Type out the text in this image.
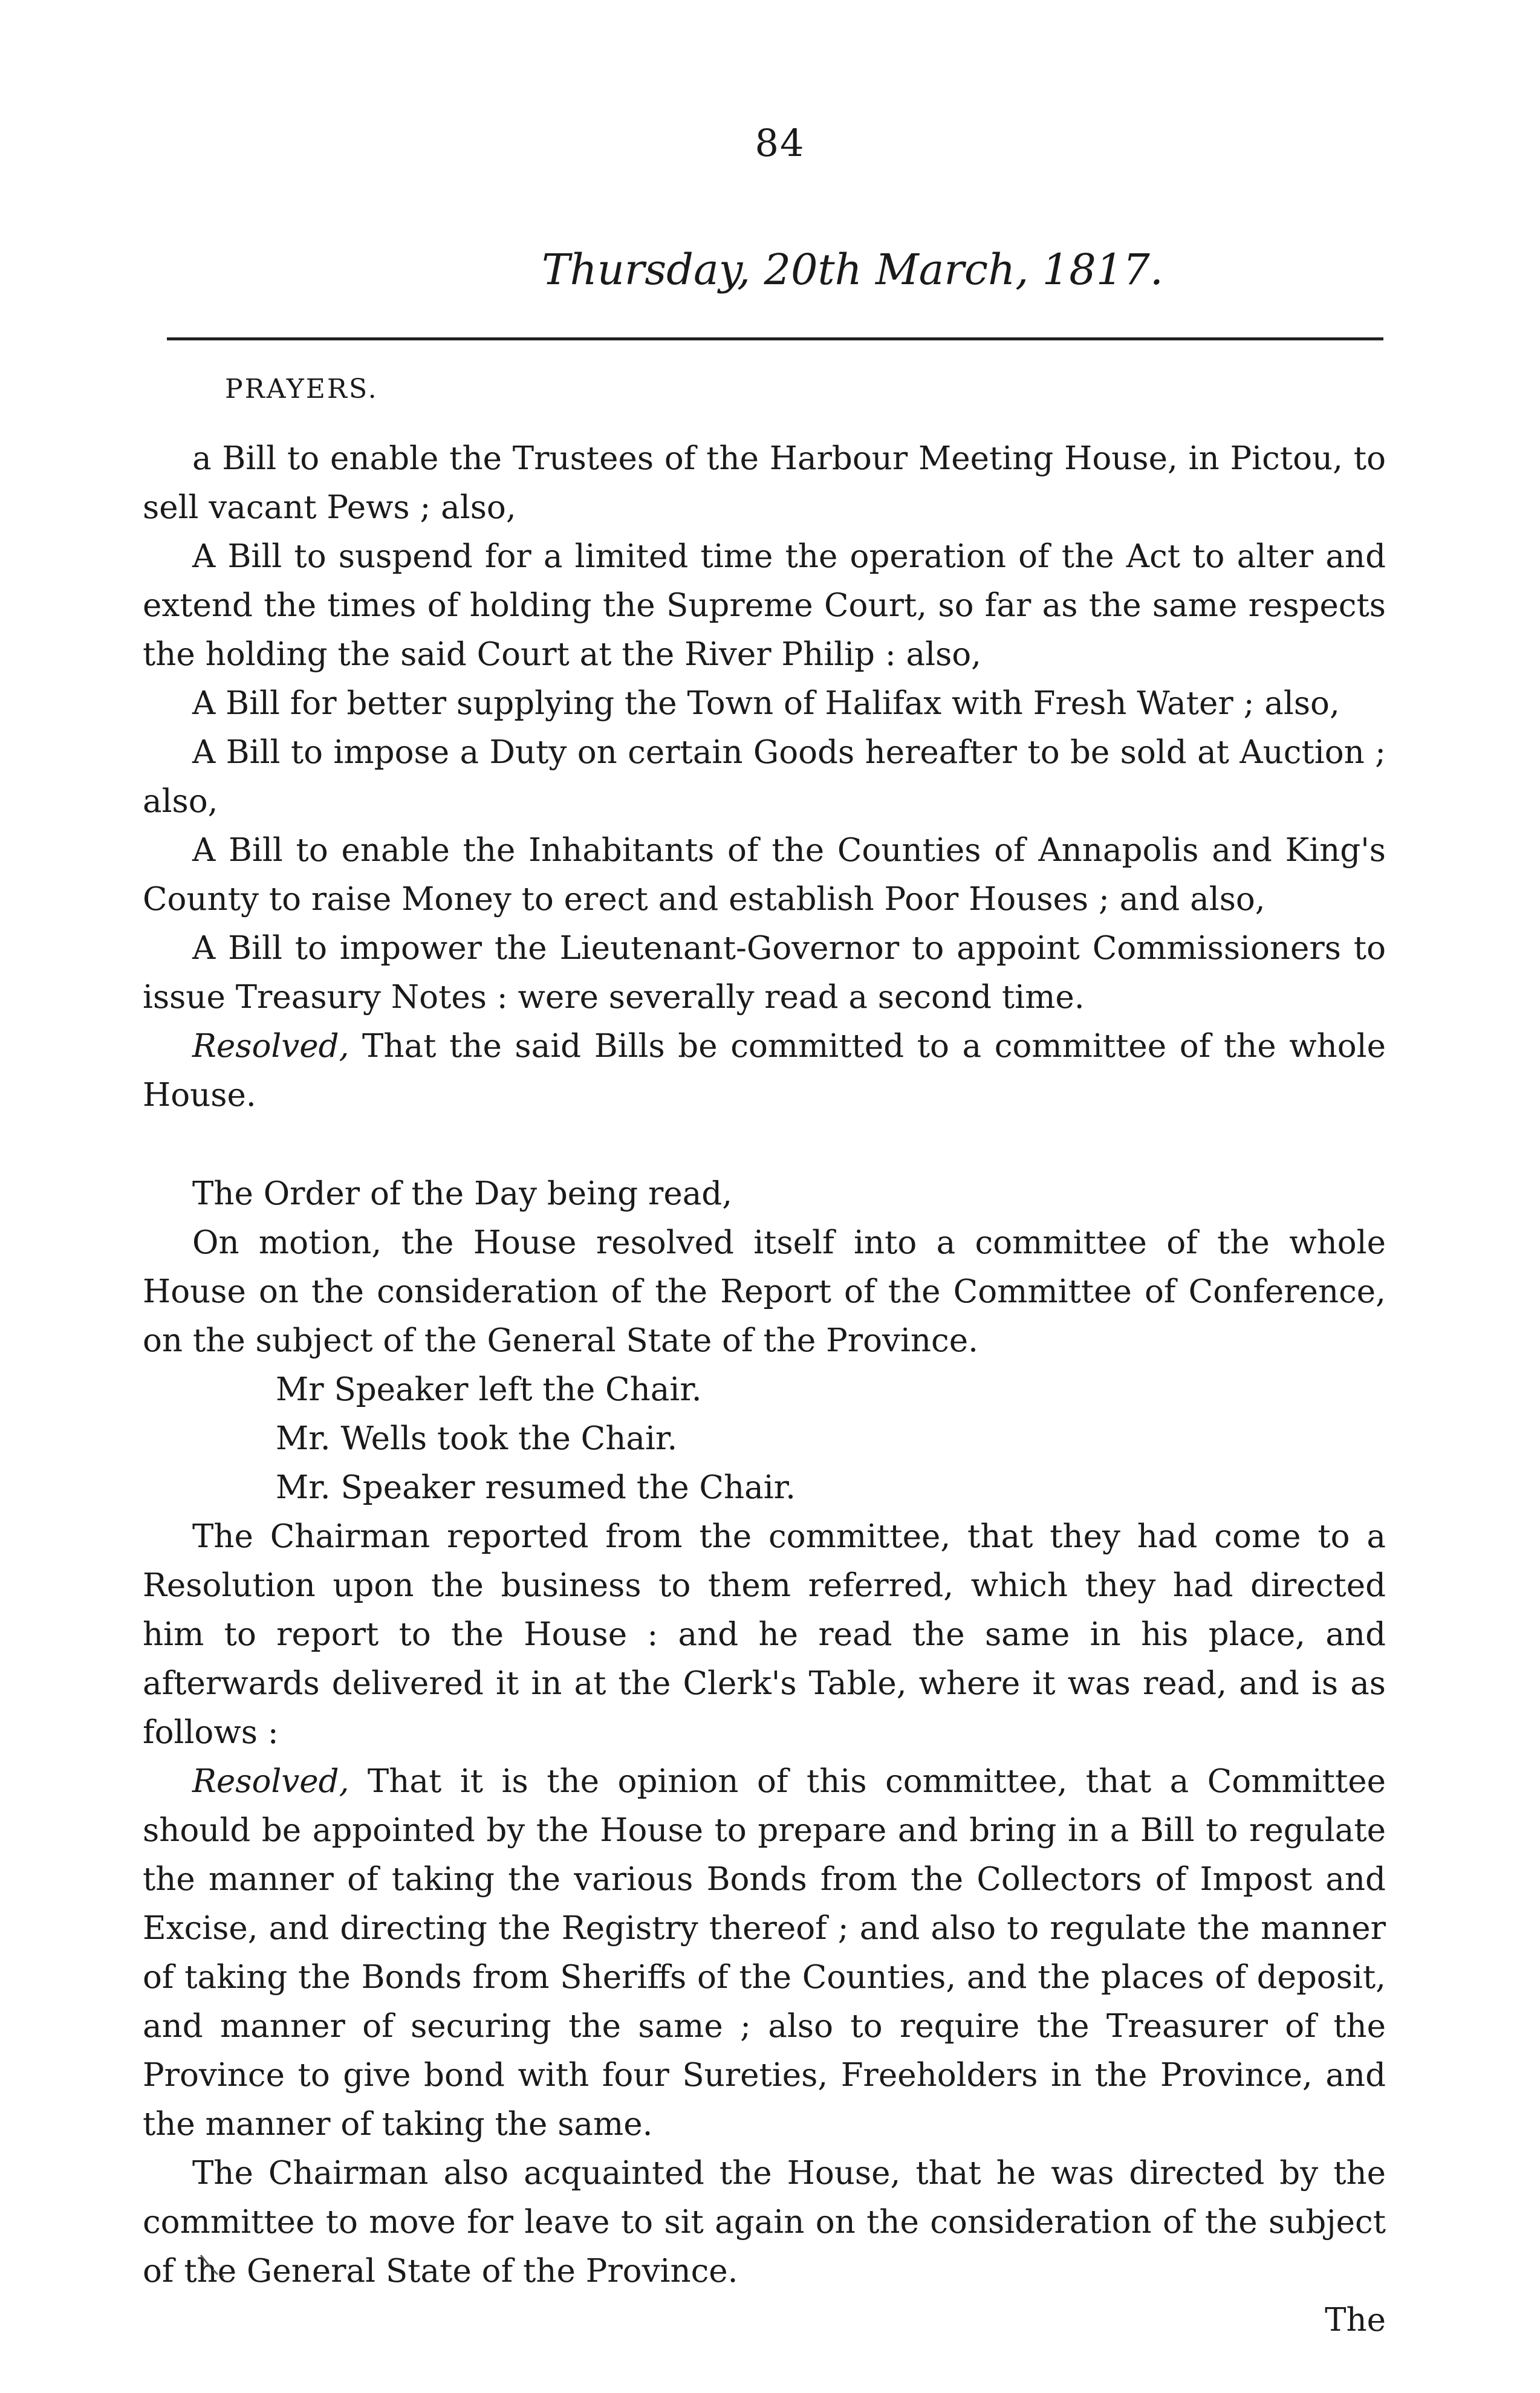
84
Thursday, 20th March, 1817.
PRAYERS.

a Bill to enable the Trustees of the Harbour Meeting House, in Pictou, to sell vacant Pews ; also,

A Bill to suspend for a limited time the operation of the Act to alter and extend the times of holding the Supreme Court, so far as the same respects the holding the said Court at the River Philip : also,

A Bill for better supplying the Town of Halifax with Fresh Water ; also,

A Bill to impose a Duty on certain Goods hereafter to be sold at Auction ; also,

A Bill to enable the Inhabitants of the Counties of Annapolis and King's County to raise Money to erect and establish Poor Houses ; and also,

A Bill to impower the Lieutenant-Governor to appoint Commissioners to issue Treasury Notes : were severally read a second time.

Resolved, That the said Bills be committed to a committee of the whole House.

The Order of the Day being read,

On motion, the House resolved itself into a committee of the whole House on the consideration of the Report of the Committee of Conference, on the subject of the General State of the Province.

Mr Speaker left the Chair.

Mr. Wells took the Chair.

Mr. Speaker resumed the Chair.

The Chairman reported from the committee, that they had come to a Resolution upon the business to them referred, which they had directed him to report to the House : and he read the same in his place, and afterwards delivered it in at the Clerk's Table, where it was read, and is as follows :

Resolved, That it is the opinion of this committee, that a Committee should be appointed by the House to prepare and bring in a Bill to regulate the manner of taking the various Bonds from the Collectors of Impost and Excise, and directing the Registry thereof ; and also to regulate the manner of taking the Bonds from Sheriffs of the Counties, and the places of deposit, and manner of securing the same ; also to require the Treasurer of the Province to give bond with four Sureties, Freeholders in the Province, and the manner of taking the same.

The Chairman also acquainted the House, that he was directed by the committee to move for leave to sit again on the consideration of the subject of the General State of the Province.

The
